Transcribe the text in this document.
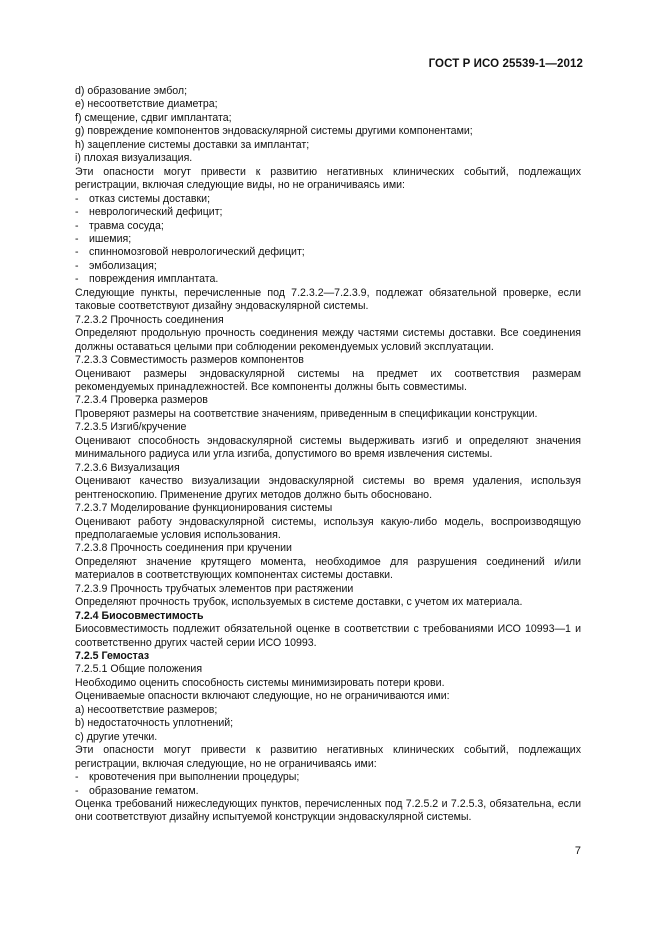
ГОСТ Р ИСО 25539-1—2012

d) образование эмбол;

e) несоответствие диаметра;

f) смещение, сдвиг имплантата;

g) повреждение компонентов эндоваскулярной системы другими компонентами;

h) зацепление системы доставки за имплантат;

i) плохая визуализация.

Эти опасности могут привести к развитию негативных клинических событий, подлежащих регистрации, включая следующие виды, но не ограничиваясь ими:

- отказ системы доставки;

- неврологический дефицит;

- травма сосуда;

- ишемия;

- спинномозговой неврологический дефицит;

- эмболизация;

- повреждения имплантата.

Следующие пункты, перечисленные под 7.2.3.2—7.2.3.9, подлежат обязательной проверке, если таковые соответствуют дизайну эндоваскулярной системы.

7.2.3.2 Прочность соединения

Определяют продольную прочность соединения между частями системы доставки. Все соединения должны оставаться целыми при соблюдении рекомендуемых условий эксплуатации.

7.2.3.3 Совместимость размеров компонентов

Оценивают размеры эндоваскулярной системы на предмет их соответствия размерам рекомендуемых принадлежностей. Все компоненты должны быть совместимы.

7.2.3.4 Проверка размеров

Проверяют размеры на соответствие значениям, приведенным в спецификации конструкции.

7.2.3.5 Изгиб/кручение

Оценивают способность эндоваскулярной системы выдерживать изгиб и определяют значения минимального радиуса или угла изгиба, допустимого во время извлечения системы.

7.2.3.6 Визуализация

Оценивают качество визуализации эндоваскулярной системы во время удаления, используя рентгеноскопию. Применение других методов должно быть обосновано.

7.2.3.7 Моделирование функционирования системы

Оценивают работу эндоваскулярной системы, используя какую-либо модель, воспроизводящую предполагаемые условия использования.

7.2.3.8 Прочность соединения при кручении

Определяют значение крутящего момента, необходимое для разрушения соединений и/или материалов в соответствующих компонентах системы доставки.

7.2.3.9 Прочность трубчатых элементов при растяжении

Определяют прочность трубок, используемых в системе доставки, с учетом их материала.

7.2.4 Биосовместимость

Биосовместимость подлежит обязательной оценке в соответствии с требованиями ИСО 10993—1 и соответственно других частей серии ИСО 10993.

7.2.5 Гемостаз

7.2.5.1 Общие положения

Необходимо оценить способность системы минимизировать потери крови.

Оцениваемые опасности включают следующие, но не ограничиваются ими:

a) несоответствие размеров;

b) недостаточность уплотнений;

c) другие утечки.

Эти опасности могут привести к развитию негативных клинических событий, подлежащих регистрации, включая следующие, но не ограничиваясь ими:

- кровотечения при выполнении процедуры;

- образование гематом.

Оценка требований нижеследующих пунктов, перечисленных под 7.2.5.2 и 7.2.5.3, обязательна, если они соответствуют дизайну испытуемой конструкции эндоваскулярной системы.

7
